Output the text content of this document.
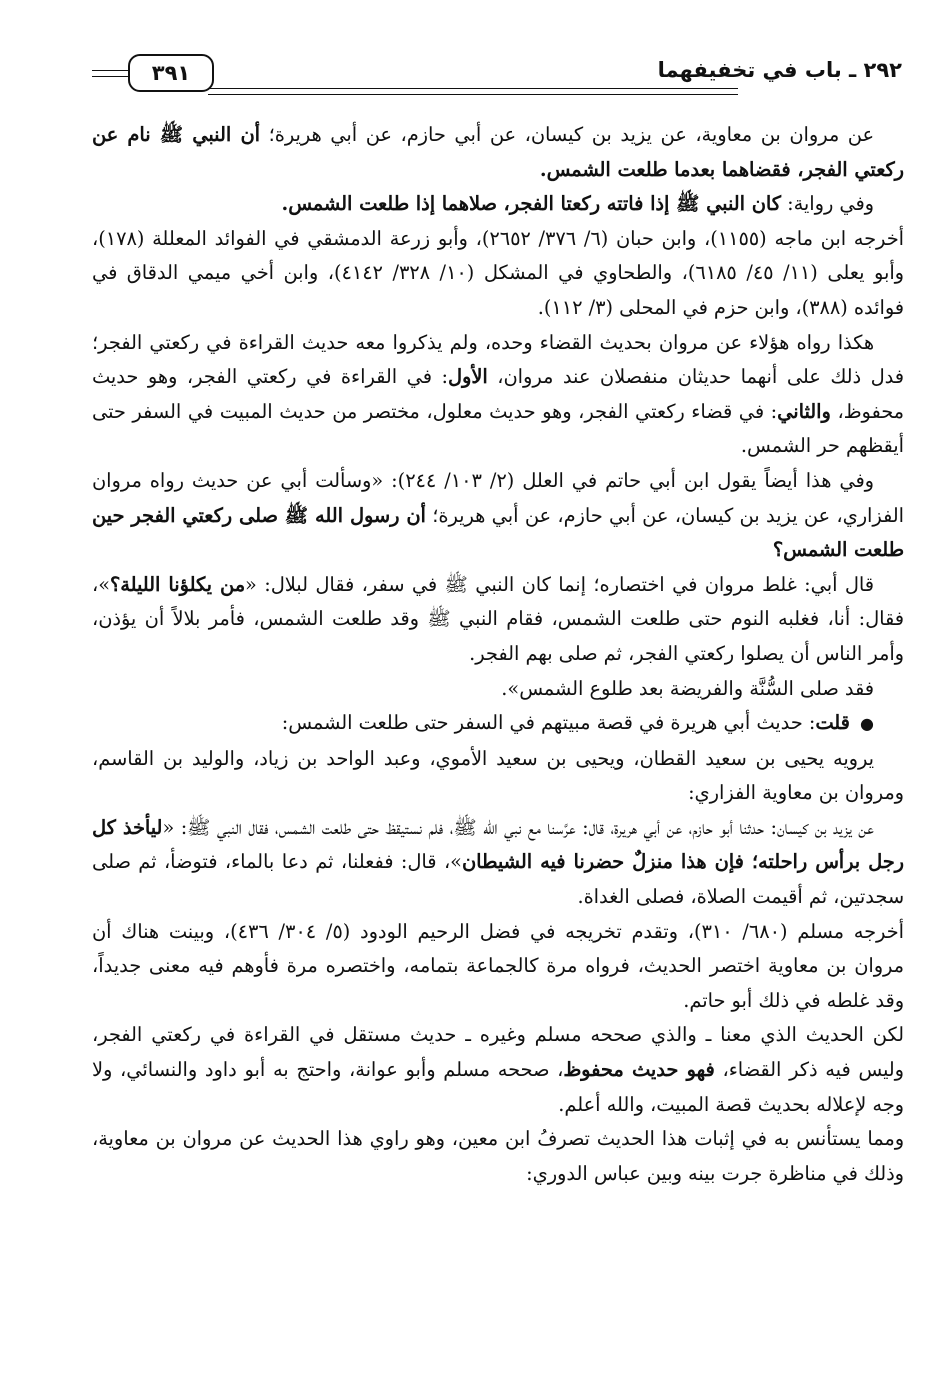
٢٩٢ ـ باب في تخفيفهما
٣٩١

عن مروان بن معاوية، عن يزيد بن كيسان، عن أبي حازم، عن أبي هريرة؛ أن النبي ﷺ نام عن ركعتي الفجر، فقضاهما بعدما طلعت الشمس.

وفي رواية: كان النبي ﷺ إذا فاتته ركعتا الفجر، صلاهما إذا طلعت الشمس.

أخرجه ابن ماجه (١١٥٥)، وابن حبان (٦/ ٣٧٦/ ٢٦٥٢)، وأبو زرعة الدمشقي في الفوائد المعللة (١٧٨)، وأبو يعلى (١١/ ٤٥/ ٦١٨٥)، والطحاوي في المشكل (١٠/ ٣٢٨/ ٤١٤٢)، وابن أخي ميمي الدقاق في فوائده (٣٨٨)، وابن حزم في المحلى (٣/ ١١٢).

هكذا رواه هؤلاء عن مروان بحديث القضاء وحده، ولم يذكروا معه حديث القراءة في ركعتي الفجر؛ فدل ذلك على أنهما حديثان منفصلان عند مروان، الأول: في القراءة في ركعتي الفجر، وهو حديث محفوظ، والثاني: في قضاء ركعتي الفجر، وهو حديث معلول، مختصر من حديث المبيت في السفر حتى أيقظهم حر الشمس.

وفي هذا أيضاً يقول ابن أبي حاتم في العلل (٢/ ١٠٣/ ٢٤٤): «وسألت أبي عن حديث رواه مروان الفزاري، عن يزيد بن كيسان، عن أبي حازم، عن أبي هريرة؛ أن رسول الله ﷺ صلى ركعتي الفجر حين طلعت الشمس؟

قال أبي: غلط مروان في اختصاره؛ إنما كان النبي ﷺ في سفر، فقال لبلال: «من يكلؤنا الليلة؟»، فقال: أنا، فغلبه النوم حتى طلعت الشمس، فقام النبي ﷺ وقد طلعت الشمس، فأمر بلالاً أن يؤذن، وأمر الناس أن يصلوا ركعتي الفجر، ثم صلى بهم الفجر.

فقد صلى السُّنَّة والفريضة بعد طلوع الشمس».

● قلت: حديث أبي هريرة في قصة مبيتهم في السفر حتى طلعت الشمس:

يرويه يحيى بن سعيد القطان، ويحيى بن سعيد الأموي، وعبد الواحد بن زياد، والوليد بن القاسم، ومروان بن معاوية الفزاري:

عن يزيد بن كيسان: حدثنا أبو حازم، عن أبي هريرة، قال: عرَّسنا مع نبي الله ﷺ، فلم نستيقظ حتى طلعت الشمس، فقال النبي ﷺ: «ليأخذ كل رجل برأس راحلته؛ فإن هذا منزلٌ حضرنا فيه الشيطان»، قال: ففعلنا، ثم دعا بالماء، فتوضأ، ثم صلى سجدتين، ثم أقيمت الصلاة، فصلى الغداة.

أخرجه مسلم (٦٨٠/ ٣١٠)، وتقدم تخريجه في فضل الرحيم الودود (٥/ ٣٠٤/ ٤٣٦)، وبينت هناك أن مروان بن معاوية اختصر الحديث، فرواه مرة كالجماعة بتمامه، واختصره مرة فأوهم فيه معنى جديداً، وقد غلطه في ذلك أبو حاتم.

لكن الحديث الذي معنا ـ والذي صححه مسلم وغيره ـ حديث مستقل في القراءة في ركعتي الفجر، وليس فيه ذكر القضاء، فهو حديث محفوظ، صححه مسلم وأبو عوانة، واحتج به أبو داود والنسائي، ولا وجه لإعلاله بحديث قصة المبيت، والله أعلم.

ومما يستأنس به في إثبات هذا الحديث تصرفُ ابن معين، وهو راوي هذا الحديث عن مروان بن معاوية، وذلك في مناظرة جرت بينه وبين عباس الدوري:
